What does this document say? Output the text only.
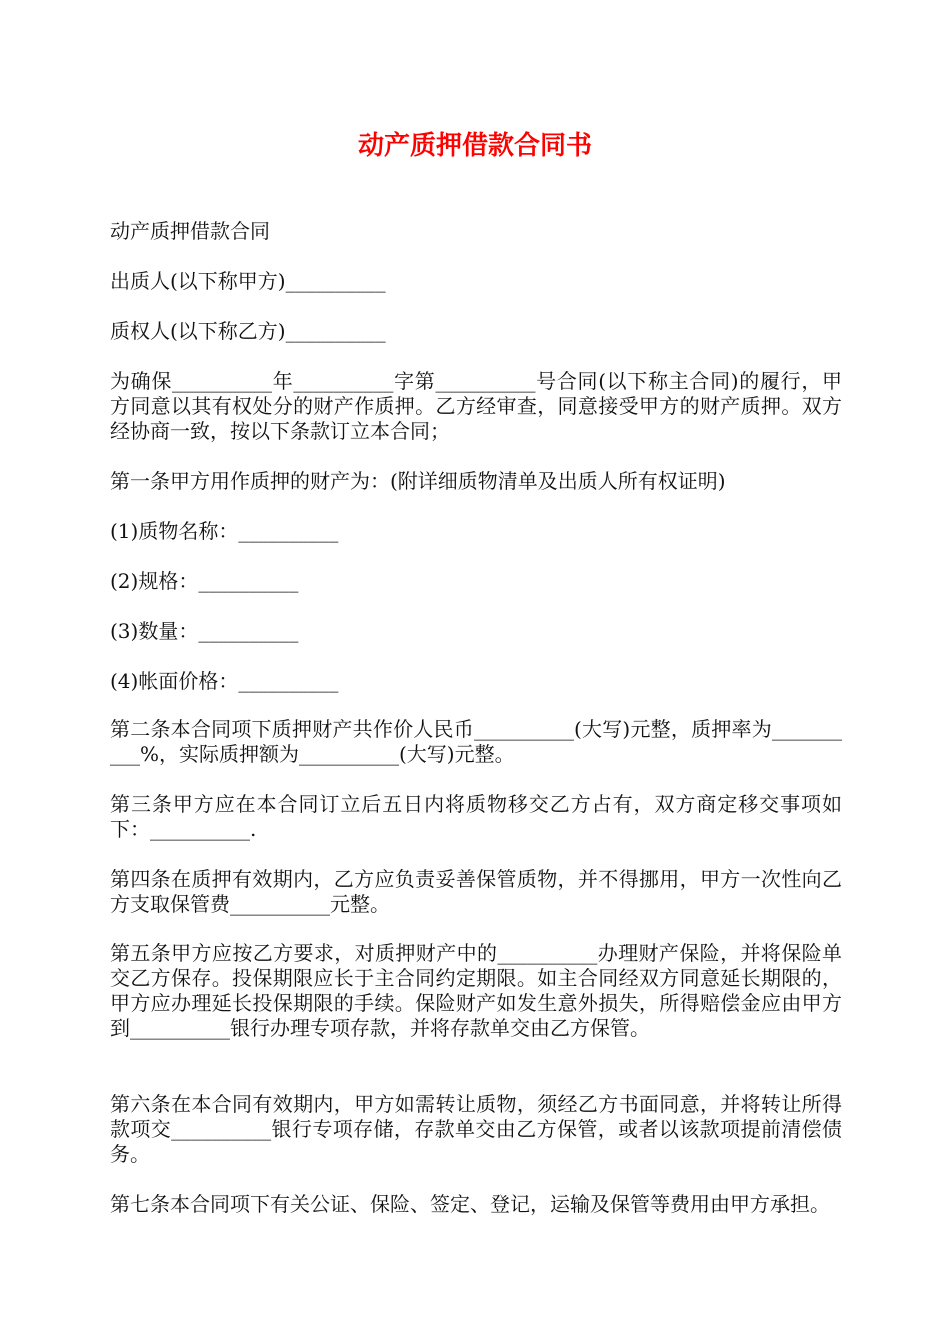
动产质押借款合同书

动产质押借款合同

出质人(以下称甲方)__________

质权人(以下称乙方)__________

为确保__________年__________字第__________号合同(以下称主合同)的履行，甲方同意以其有权处分的财产作质押。乙方经审查，同意接受甲方的财产质押。双方经协商一致，按以下条款订立本合同；

第一条甲方用作质押的财产为：(附详细质物清单及出质人所有权证明)

(1)质物名称：__________

(2)规格：__________

(3)数量：__________

(4)帐面价格：__________

第二条本合同项下质押财产共作价人民币__________(大写)元整，质押率为__________%，实际质押额为__________(大写)元整。

第三条甲方应在本合同订立后五日内将质物移交乙方占有，双方商定移交事项如下：__________.

第四条在质押有效期内，乙方应负责妥善保管质物，并不得挪用，甲方一次性向乙方支取保管费__________元整。

第五条甲方应按乙方要求，对质押财产中的__________办理财产保险，并将保险单交乙方保存。投保期限应长于主合同约定期限。如主合同经双方同意延长期限的，甲方应办理延长投保期限的手续。保险财产如发生意外损失，所得赔偿金应由甲方到__________银行办理专项存款，并将存款单交由乙方保管。

第六条在本合同有效期内，甲方如需转让质物，须经乙方书面同意，并将转让所得款项交__________银行专项存储，存款单交由乙方保管，或者以该款项提前清偿债务。

第七条本合同项下有关公证、保险、签定、登记，运输及保管等费用由甲方承担。
